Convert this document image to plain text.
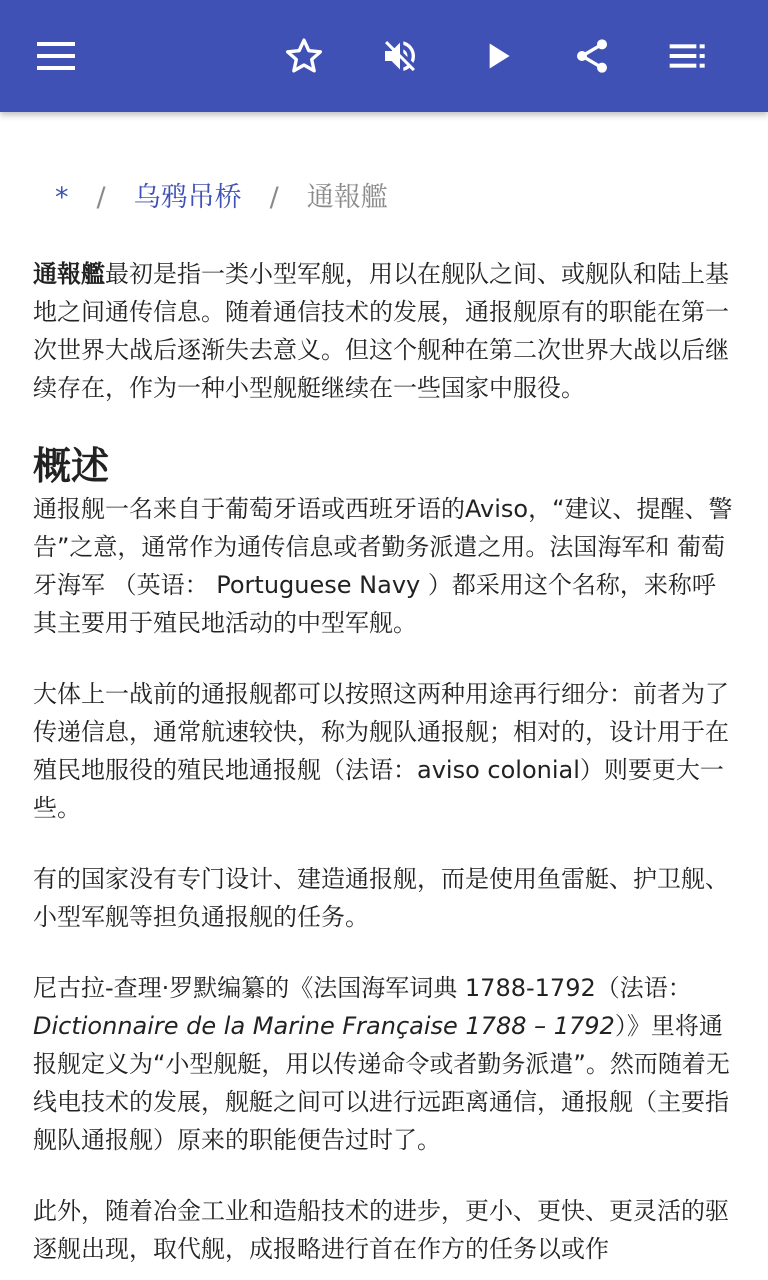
* / 乌鸦吊桥 / 通報艦

通報艦最初是指一类小型军舰，用以在舰队之间、或舰队和陆上基地之间通传信息。随着通信技术的发展，通报舰原有的职能在第一次世界大战后逐渐失去意义。但这个舰种在第二次世界大战以后继续存在，作为一种小型舰艇继续在一些国家中服役。

概述

通报舰一名来自于葡萄牙语或西班牙语的Aviso，“建议、提醒、警告”之意，通常作为通传信息或者勤务派遣之用。法国海军和 葡萄牙海军 （英语： Portuguese Navy ）都采用这个名称，来称呼其主要用于殖民地活动的中型军舰。

大体上一战前的通报舰都可以按照这两种用途再行细分：前者为了传递信息，通常航速较快，称为舰队通报舰；相对的，设计用于在殖民地服役的殖民地通报舰（法语：aviso colonial）则要更大一些。

有的国家没有专门设计、建造通报舰，而是使用鱼雷艇、护卫舰、小型军舰等担负通报舰的任务。

尼古拉-查理·罗默编纂的《法国海军词典 1788-1792（法语：Dictionnaire de la Marine Française 1788 – 1792）》里将通报舰定义为“小型舰艇，用以传递命令或者勤务派遣”。然而随着无线电技术的发展，舰艇之间可以进行远距离通信，通报舰（主要指舰队通报舰）原来的职能便告过时了。

此外，随着冶金工业和造船技术的进步，更小、更快、更灵活的驱逐舰出现，取代舰，成报略进行首在作方的任务以或作
